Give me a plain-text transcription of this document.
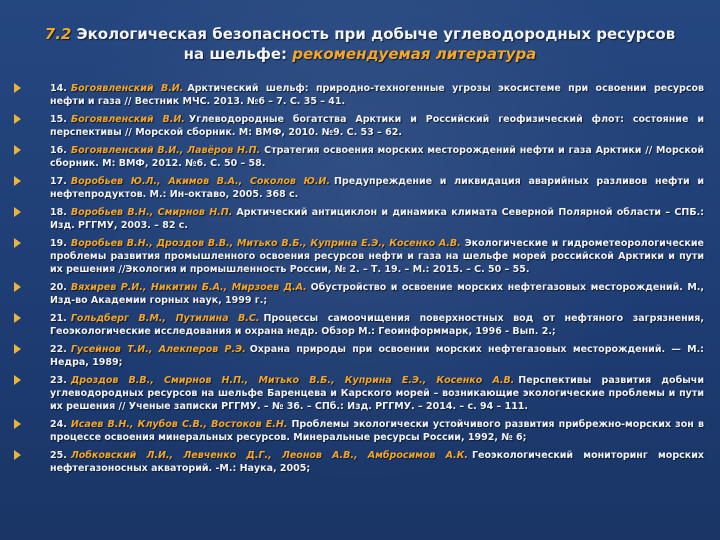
7.2 Экологическая безопасность при добыче углеводородных ресурсов на шельфе: рекомендуемая литература
14. Богоявленский В.И. Арктический шельф: природно-техногенные угрозы экосистеме при освоении ресурсов нефти и газа // Вестник МЧС. 2013. №6 – 7. С. 35 – 41.
15. Богоявленский В.И. Углеводородные богатства Арктики и Российский геофизический флот: состояние и перспективы // Морской сборник. М: ВМФ, 2010. №9. С. 53 – 62.
16. Богоявленский В.И., Лавёров Н.П. Стратегия освоения морских месторождений нефти и газа Арктики // Морской сборник. М: ВМФ, 2012. №6. С. 50 – 58.
17. Воробьев Ю.Л., Акимов В.А., Соколов Ю.И. Предупреждение и ликвидация аварийных разливов нефти и нефтепродуктов. М.: Ин-октаво, 2005. 368 с.
18. Воробьев В.Н., Смирнов Н.П. Арктический антициклон и динамика климата Северной Полярной области – СПБ.: Изд. РГГМУ, 2003. – 82 с.
19. Воробьев В.Н., Дроздов В.В., Митько В.Б., Куприна Е.Э., Косенко А.В. Экологические и гидрометеорологические проблемы развития промышленного освоения ресурсов нефти и газа на шельфе морей российской Арктики и пути их решения //Экология и промышленность России, № 2. – Т. 19. – М.: 2015. – С. 50 – 55.
20. Вяхирев Р.И., Никитин Б.А., Мирзоев Д.А. Обустройство и освоение морских нефтегазовых месторождений. М., Изд-во Академии горных наук, 1999 г.;
21. Гольдберг В.М., Путилина В.С. Процессы самоочищения поверхностных вод от нефтяного загрязнения, Геоэкологические исследования и охрана недр. Обзор М.: Геоинформмарк, 1996 - Вып. 2.;
22. Гусейнов Т.И., Алекперов Р.Э. Охрана природы при освоении морских нефтегазовых месторождений. — М.: Недра, 1989;
23. Дроздов В.В., Смирнов Н.П., Митько В.Б., Куприна Е.Э., Косенко А.В. Перспективы развития добычи углеводородных ресурсов на шельфе Баренцева и Карского морей – возникающие экологические проблемы и пути их решения // Ученые записки РГГМУ. – № 36. – СПб.: Изд. РГГМУ. – 2014. – с. 94 – 111.
24. Исаев В.Н., Клубов С.В., Востоков Е.Н. Проблемы экологически устойчивого развития прибрежно-морских зон в процессе освоения минеральных ресурсов. Минеральные ресурсы России, 1992, № 6;
25. Лобковский Л.И., Левченко Д.Г., Леонов А.В., Амбросимов А.К. Геоэкологический мониторинг морских нефтегазоносных акваторий. -М.: Наука, 2005;
